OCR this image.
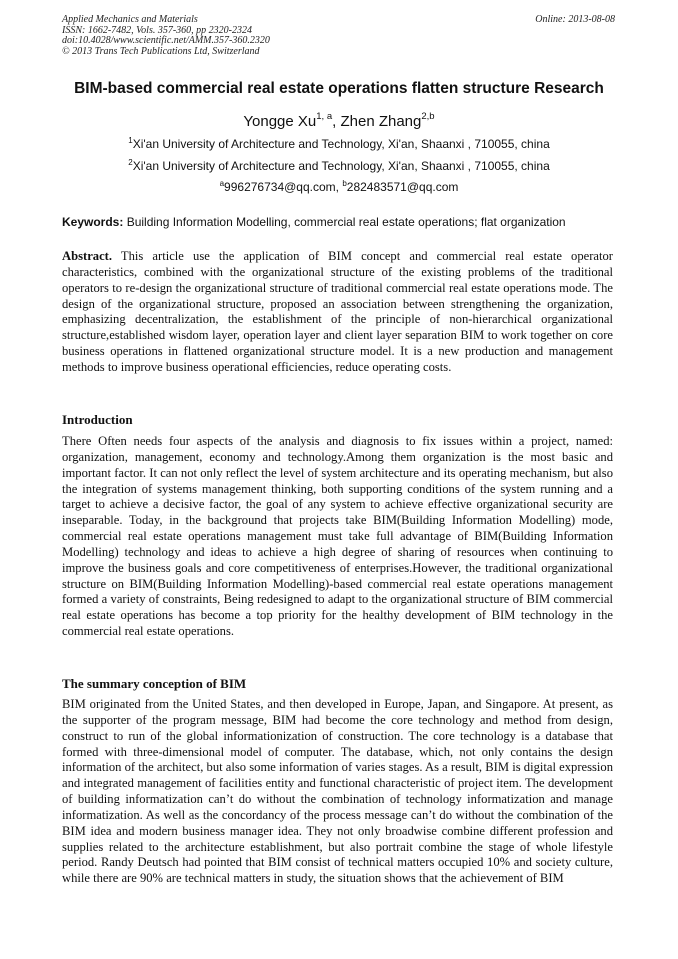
Applied Mechanics and Materials
ISSN: 1662-7482, Vols. 357-360, pp 2320-2324
doi:10.4028/www.scientific.net/AMM.357-360.2320
© 2013 Trans Tech Publications Ltd, Switzerland
Online: 2013-08-08
BIM-based commercial real estate operations flatten structure Research
Yongge Xu$^{1, a}$, Zhen Zhang$^{2,b}$
$^1$Xi'an University of Architecture and Technology, Xi'an, Shaanxi , 710055, china
$^2$Xi'an University of Architecture and Technology, Xi'an, Shaanxi , 710055, china
$^a$996276734@qq.com, $^b$282483571@qq.com
Keywords: Building Information Modelling, commercial real estate operations; flat organization
Abstract. This article use the application of BIM concept and commercial real estate operator characteristics, combined with the organizational structure of the existing problems of the traditional operators to re-design the organizational structure of traditional commercial real estate operations mode. The design of the organizational structure, proposed an association between strengthening the organization, emphasizing decentralization, the establishment of the principle of non-hierarchical organizational structure,established wisdom layer, operation layer and client layer separation BIM to work together on core business operations in flattened organizational structure model. It is a new production and management methods to improve business operational efficiencies, reduce operating costs.
Introduction
There Often needs four aspects of the analysis and diagnosis to fix issues within a project, named: organization, management, economy and technology.Among them organization is the most basic and important factor. It can not only reflect the level of system architecture and its operating mechanism, but also the integration of systems management thinking, both supporting conditions of the system running and a target to achieve a decisive factor, the goal of any system to achieve effective organizational security are inseparable. Today, in the background that projects take BIM(Building Information Modelling) mode, commercial real estate operations management must take full advantage of BIM(Building Information Modelling) technology and ideas to achieve a high degree of sharing of resources when continuing to improve the business goals and core competitiveness of enterprises.However, the traditional organizational structure on BIM(Building Information Modelling)-based commercial real estate operations management formed a variety of constraints, Being redesigned to adapt to the organizational structure of BIM commercial real estate operations has become a top priority for the healthy development of BIM technology in the commercial real estate operations.
The summary conception of BIM
BIM originated from the United States, and then developed in Europe, Japan, and Singapore. At present, as the supporter of the program message, BIM had become the core technology and method from design, construct to run of the global informationization of construction. The core technology is a database that formed with three-dimensional model of computer. The database, which, not only contains the design information of the architect, but also some information of varies stages. As a result, BIM is digital expression and integrated management of facilities entity and functional characteristic of project item. The development of building informatization can’t do without the combination of technology informatization and manage informatization. As well as the concordancy of the process message can’t do without the combination of the BIM idea and modern business manager idea. They not only broadwise combine different profession and supplies related to the architecture establishment, but also portrait combine the stage of whole lifestyle period. Randy Deutsch had pointed that BIM consist of technical matters occupied 10% and society culture, while there are 90% are technical matters in study, the situation shows that the achievement of BIM
